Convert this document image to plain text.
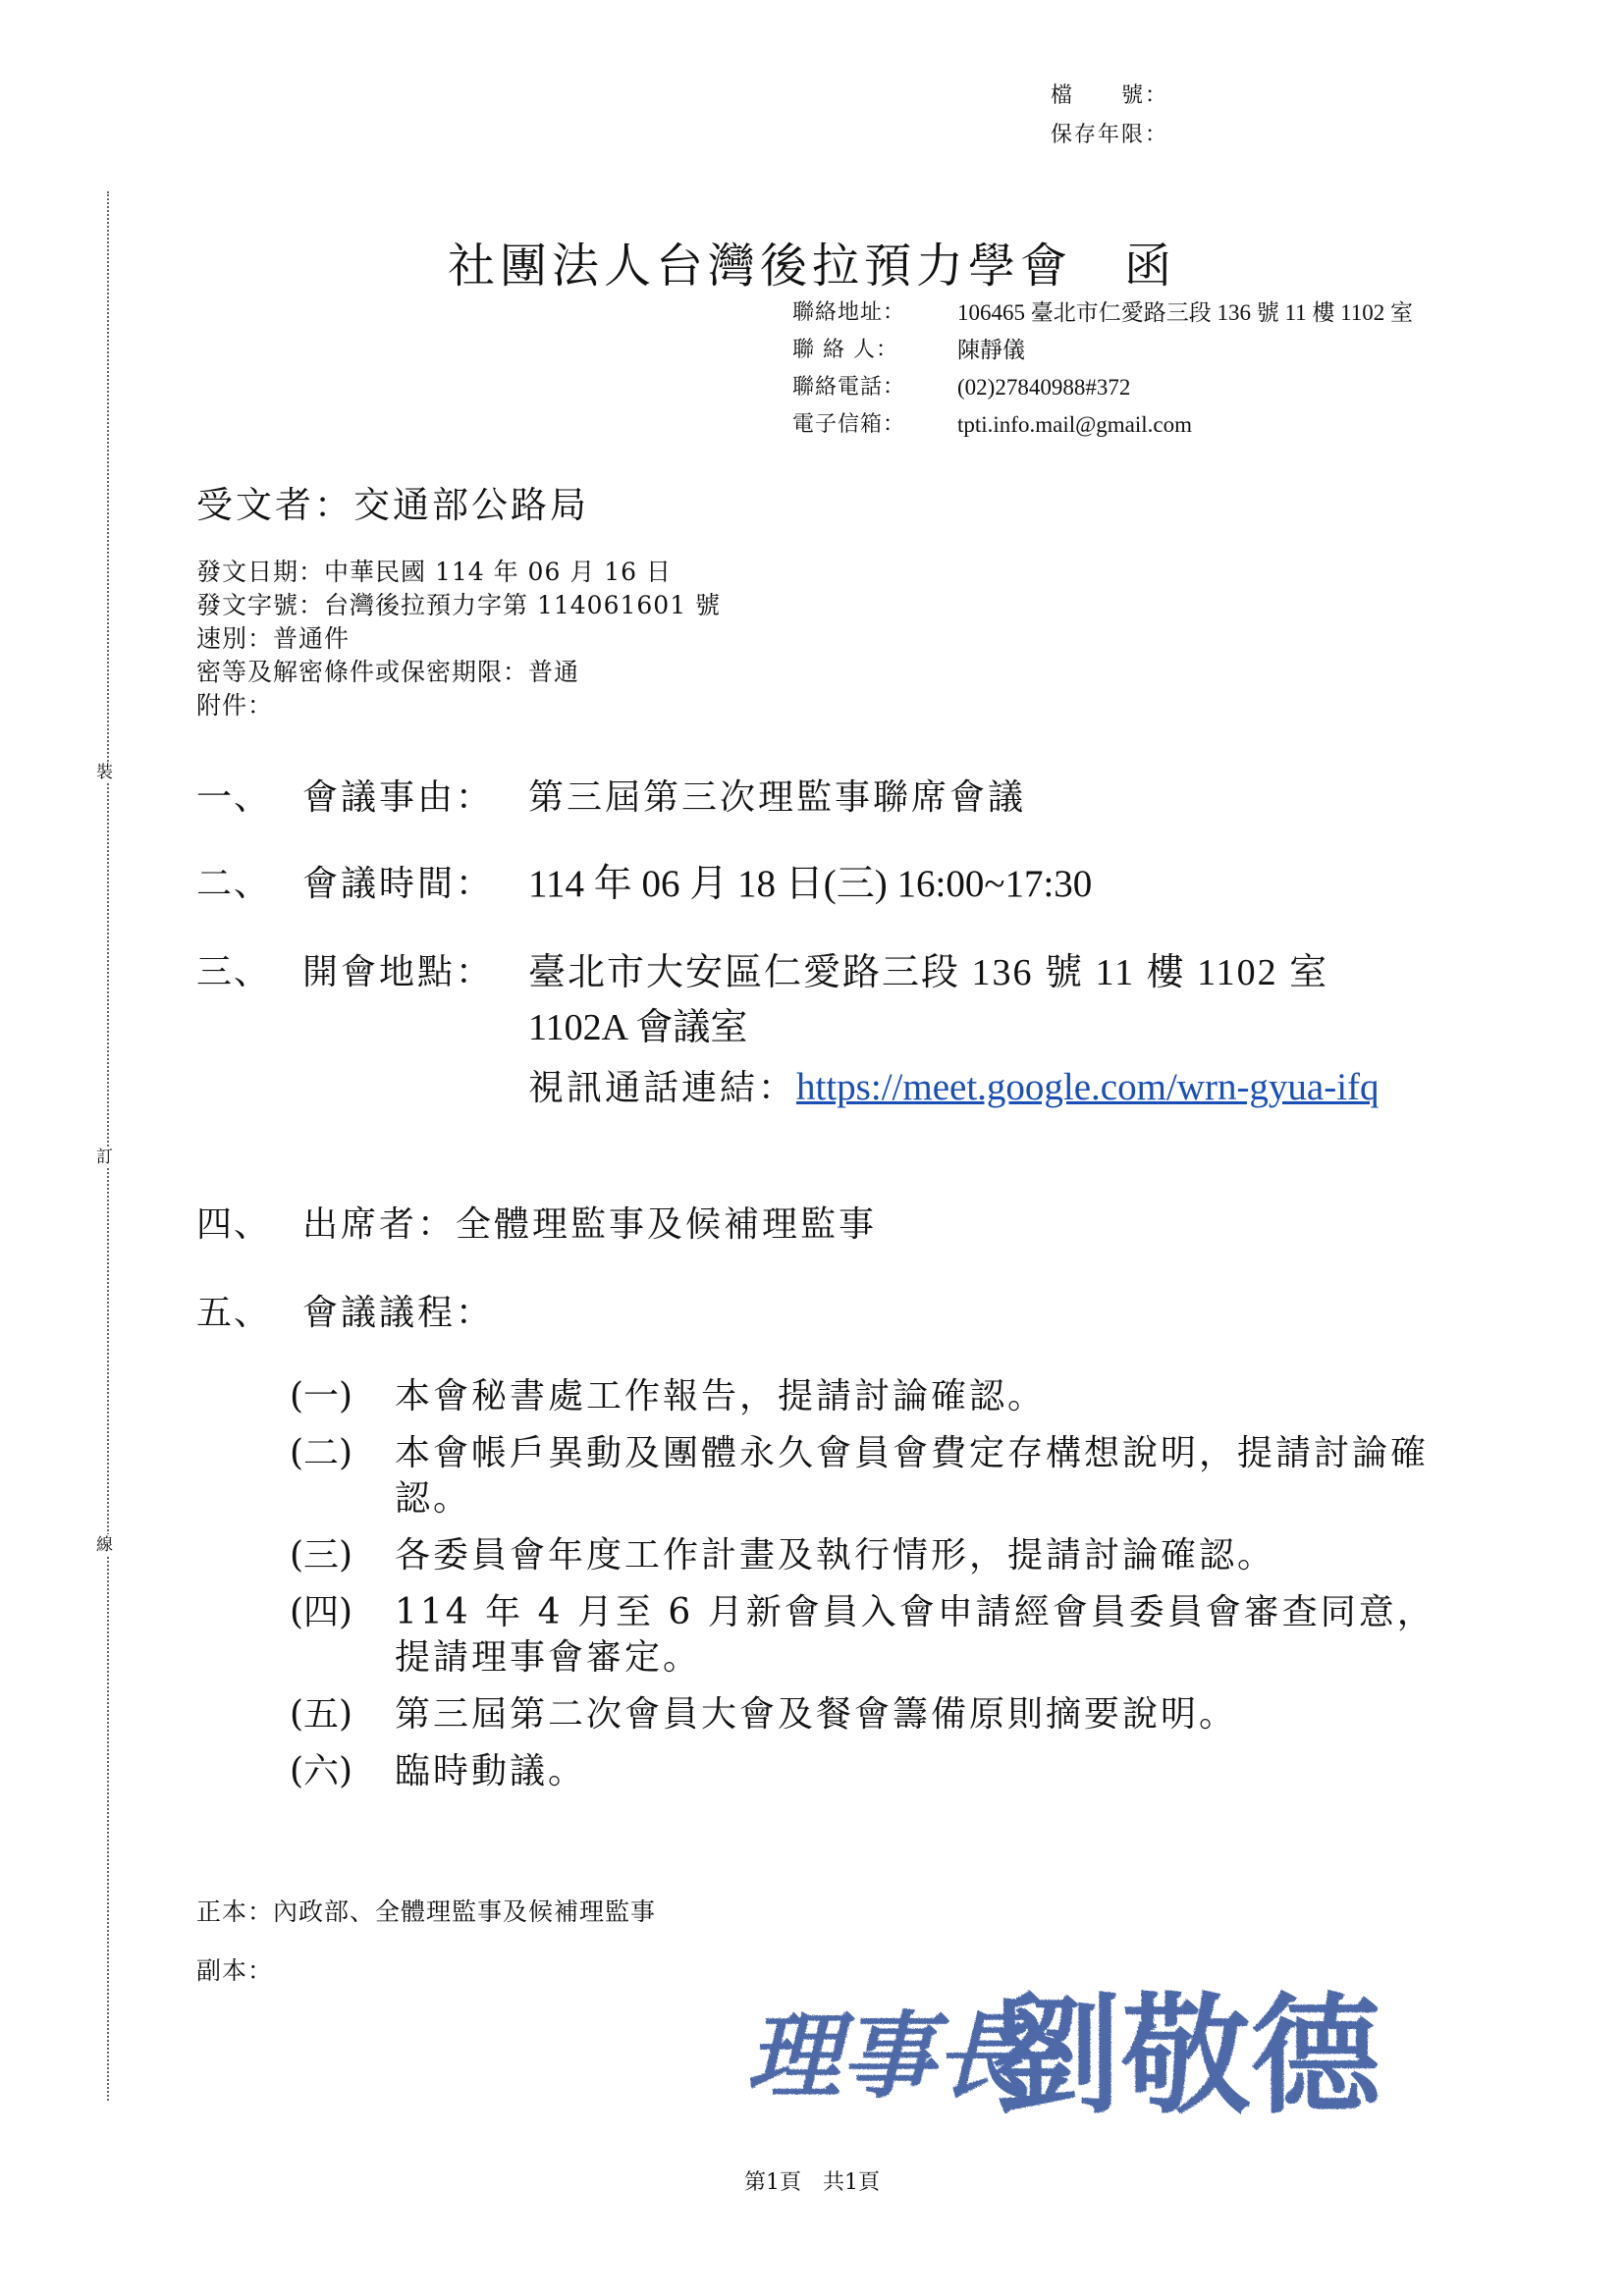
檔　　號：
保存年限：
裝
訂
線
社團法人台灣後拉預力學會　函
聯絡地址：	106465 臺北市仁愛路三段 136 號 11 樓 1102 室
聯 絡 人：	陳靜儀
聯絡電話：	(02)27840988#372
電子信箱：	tpti.info.mail@gmail.com
受文者：交通部公路局
發文日期：中華民國 114 年 06 月 16 日
發文字號：台灣後拉預力字第 114061601 號
速別：普通件
密等及解密條件或保密期限：普通
附件：
一、 會議事由： 第三屆第三次理監事聯席會議
二、 會議時間： 114 年 06 月 18 日(三) 16:00~17:30
三、 開會地點： 臺北市大安區仁愛路三段 136 號 11 樓 1102 室
1102A 會議室
視訊通話連結：https://meet.google.com/wrn-gyua-ifq
四、 出席者： 全體理監事及候補理監事
五、 會議議程：
(一)	本會秘書處工作報告，提請討論確認。
(二)	本會帳戶異動及團體永久會員會費定存構想說明，提請討論確認。
(三)	各委員會年度工作計畫及執行情形，提請討論確認。
(四)	114 年 4 月至 6 月新會員入會申請經會員委員會審查同意，提請理事會審定。
(五)	第三屆第二次會員大會及餐會籌備原則摘要說明。
(六)	臨時動議。
正本：內政部、全體理監事及候補理監事
副本：
理事長
劉敬德
第1頁　共1頁
